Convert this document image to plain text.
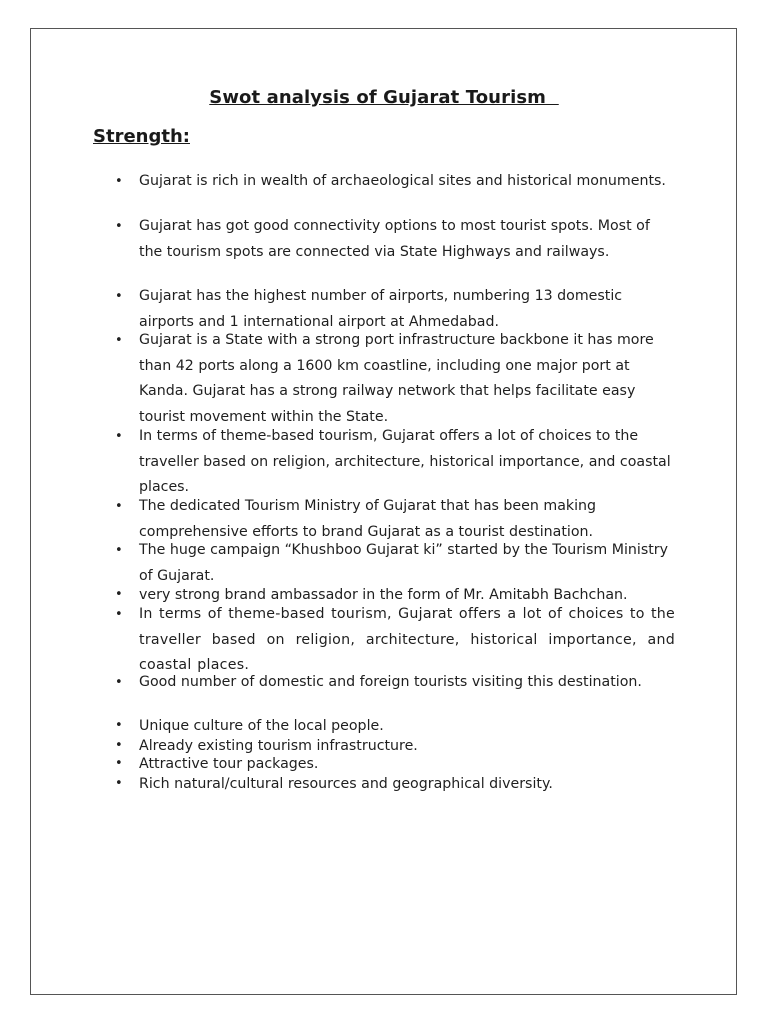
Swot analysis of Gujarat Tourism
Strength:
• Gujarat is rich in wealth of archaeological sites and historical monuments.
• Gujarat has got good connectivity options to most tourist spots. Most of the tourism spots are connected via State Highways and railways.
• Gujarat has the highest number of airports, numbering 13 domestic airports and 1 international airport at Ahmedabad.
• Gujarat is a State with a strong port infrastructure backbone it has more than 42 ports along a 1600 km coastline, including one major port at Kanda. Gujarat has a strong railway network that helps facilitate easy tourist movement within the State.
• In terms of theme-based tourism, Gujarat offers a lot of choices to the traveller based on religion, architecture, historical importance, and coastal places.
• The dedicated Tourism Ministry of Gujarat that has been making comprehensive efforts to brand Gujarat as a tourist destination.
• The huge campaign “Khushboo Gujarat ki” started by the Tourism Ministry of Gujarat.
• very strong brand ambassador in the form of Mr. Amitabh Bachchan.
• In terms of theme-based tourism, Gujarat offers a lot of choices to the traveller based on religion, architecture, historical importance, and coastal places.
• Good number of domestic and foreign tourists visiting this destination.
• Unique culture of the local people.
• Already existing tourism infrastructure.
• Attractive tour packages.
• Rich natural/cultural resources and geographical diversity.
